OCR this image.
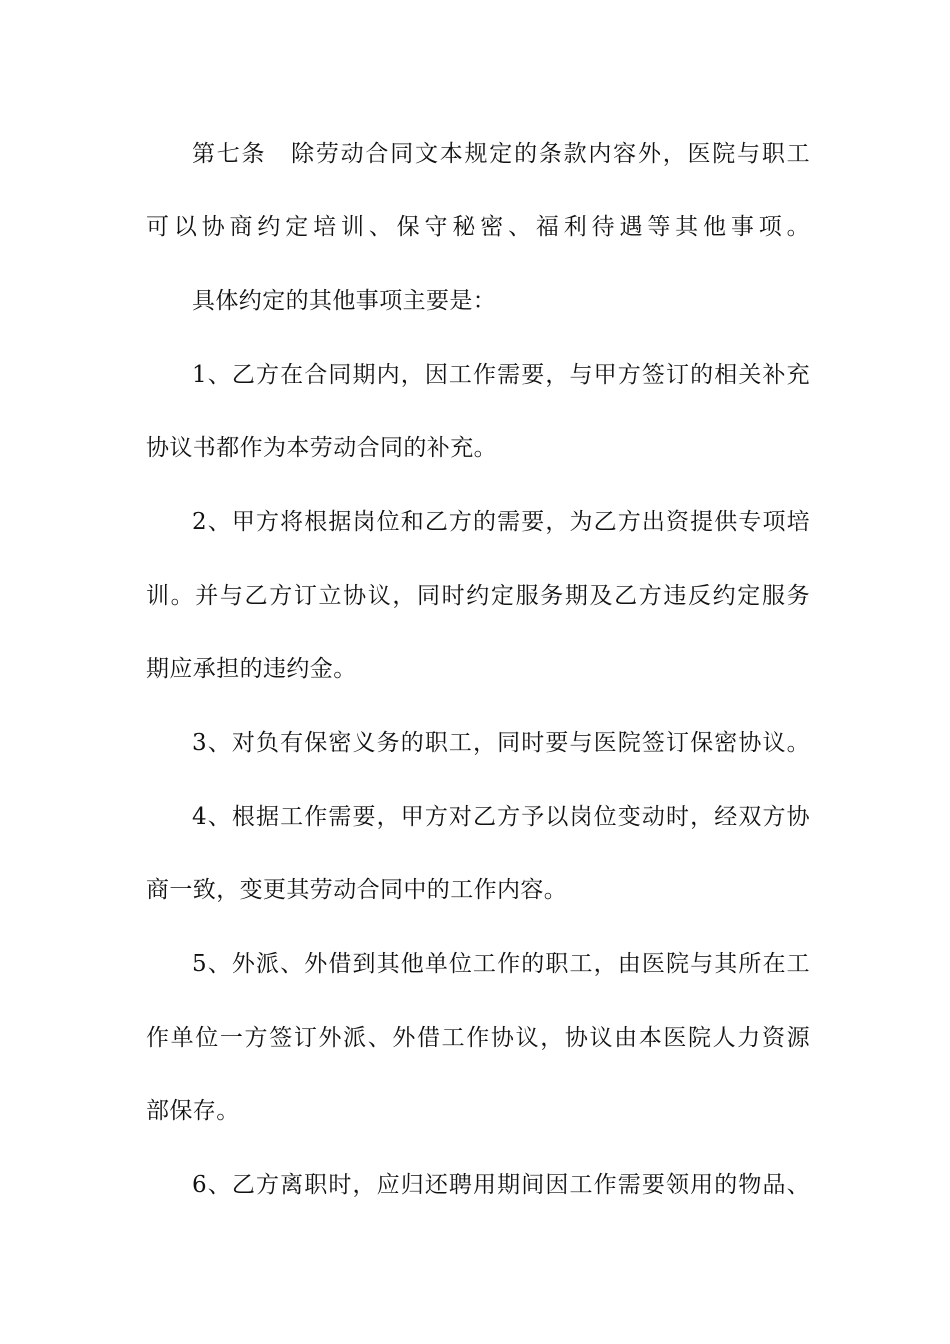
第七条　除劳动合同文本规定的条款内容外，医院与职工

可以协商约定培训、保守秘密、福利待遇等其他事项。

具体约定的其他事项主要是：

1、乙方在合同期内，因工作需要，与甲方签订的相关补充

协议书都作为本劳动合同的补充。

2、甲方将根据岗位和乙方的需要，为乙方出资提供专项培

训。并与乙方订立协议，同时约定服务期及乙方违反约定服务

期应承担的违约金。

3、对负有保密义务的职工，同时要与医院签订保密协议。

4、根据工作需要，甲方对乙方予以岗位变动时，经双方协

商一致，变更其劳动合同中的工作内容。

5、外派、外借到其他单位工作的职工，由医院与其所在工

作单位一方签订外派、外借工作协议，协议由本医院人力资源

部保存。

6、乙方离职时，应归还聘用期间因工作需要领用的物品、
